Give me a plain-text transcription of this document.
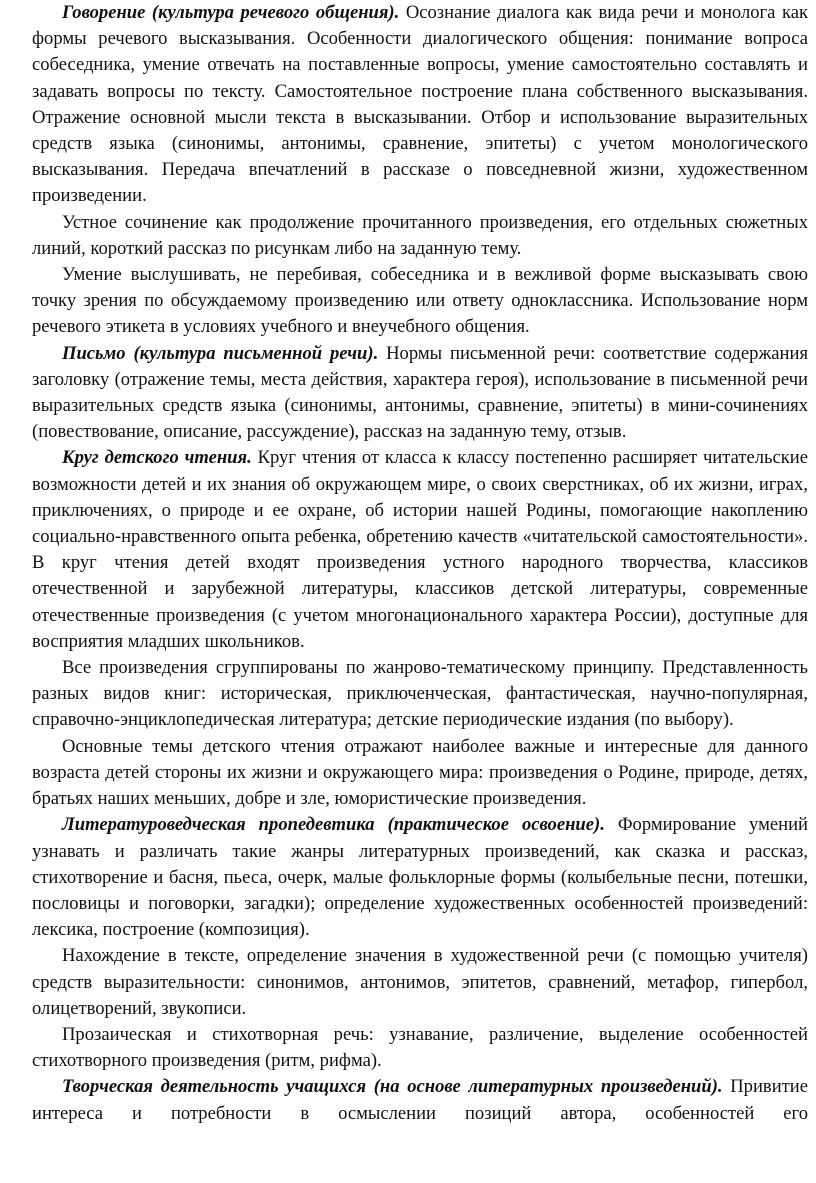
Говорение (культура речевого общения). Осознание диалога как вида речи и монолога как формы речевого высказывания. Особенности диалогического общения: понимание вопроса собеседника, умение отвечать на поставленные вопросы, умение самостоятельно составлять и задавать вопросы по тексту. Самостоятельное построение плана собственного высказывания. Отражение основной мысли текста в высказывании. Отбор и использование выразительных средств языка (синонимы, антонимы, сравнение, эпитеты) с учетом монологического высказывания. Передача впечатлений в рассказе о повседневной жизни, художественном произведении.

Устное сочинение как продолжение прочитанного произведения, его отдельных сюжетных линий, короткий рассказ по рисункам либо на заданную тему.

Умение выслушивать, не перебивая, собеседника и в вежливой форме высказывать свою точку зрения по обсуждаемому произведению или ответу одноклассника. Использование норм речевого этикета в условиях учебного и внеучебного общения.

Письмо (культура письменной речи). Нормы письменной речи: соответствие содержания заголовку (отражение темы, места действия, характера героя), использование в письменной речи выразительных средств языка (синонимы, антонимы, сравнение, эпитеты) в мини-сочинениях (повествование, описание, рассуждение), рассказ на заданную тему, отзыв.

Круг детского чтения. Круг чтения от класса к классу постепенно расширяет читательские возможности детей и их знания об окружающем мире, о своих сверстниках, об их жизни, играх, приключениях, о природе и ее охране, об истории нашей Родины, помогающие накоплению социально-нравственного опыта ребенка, обретению качеств «читательской самостоятельности». В круг чтения детей входят произведения устного народного творчества, классиков отечественной и зарубежной литературы, классиков детской литературы, современные отечественные произведения (с учетом многонационального характера России), доступные для восприятия младших школьников.

Все произведения сгруппированы по жанрово-тематическому принципу. Представленность разных видов книг: историческая, приключенческая, фантастическая, научно-популярная, справочно-энциклопедическая литература; детские периодические издания (по выбору).

Основные темы детского чтения отражают наиболее важные и интересные для данного возраста детей стороны их жизни и окружающего мира: произведения о Родине, природе, детях, братьях наших меньших, добре и зле, юмористические произведения.

Литературоведческая пропедевтика (практическое освоение). Формирование умений узнавать и различать такие жанры литературных произведений, как сказка и рассказ, стихотворение и басня, пьеса, очерк, малые фольклорные формы (колыбельные песни, потешки, пословицы и поговорки, загадки); определение художественных особенностей произведений: лексика, построение (композиция).

Нахождение в тексте, определение значения в художественной речи (с помощью учителя) средств выразительности: синонимов, антонимов, эпитетов, сравнений, метафор, гипербол, олицетворений, звукописи.

Прозаическая и стихотворная речь: узнавание, различение, выделение особенностей стихотворного произведения (ритм, рифма).

Творческая деятельность учащихся (на основе литературных произведений). Привитие интереса и потребности в осмыслении позиций автора, особенностей его
